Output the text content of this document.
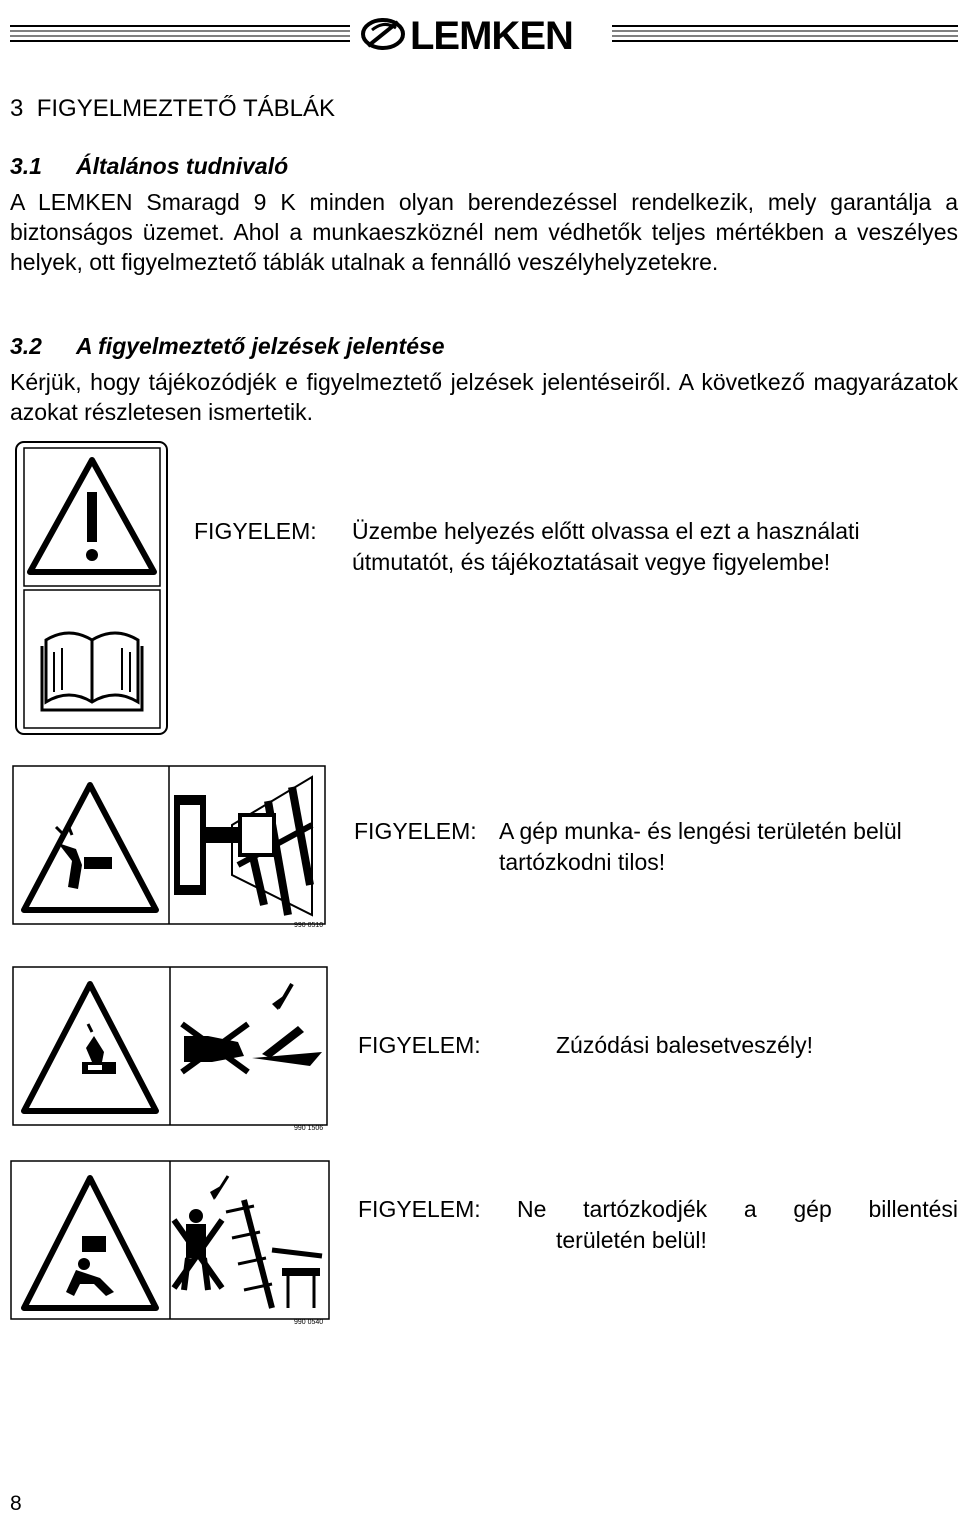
LEMKEN
3 FIGYELMEZTETŐ TÁBLÁK
3.1 Általános tudnivaló
A LEMKEN Smaragd 9 K minden olyan berendezéssel rendelkezik, mely garantálja a biztonságos üzemet. Ahol a munkaeszköznél nem védhetők teljes mértékben a veszélyes helyek, ott figyelmeztető táblák utalnak a fennálló veszélyhelyzetekre.
3.2 A figyelmeztető jelzések jelentése
Kérjük, hogy tájékozódjék e figyelmeztető jelzések jelentéseiről. A következő magyarázatok azokat részletesen ismertetik.
FIGYELEM: Üzembe helyezés előtt olvassa el ezt a használati
útmutatót, és tájékoztatásait vegye figyelembe!
990 0510
FIGYELEM: A gép munka- és lengési területén belül
tartózkodni tilos!
990 1506
FIGYELEM:	Zúzódási balesetveszély!
990 0540
FIGYELEM: Ne tartózkodjék a gép billentési
területén belül!
8
